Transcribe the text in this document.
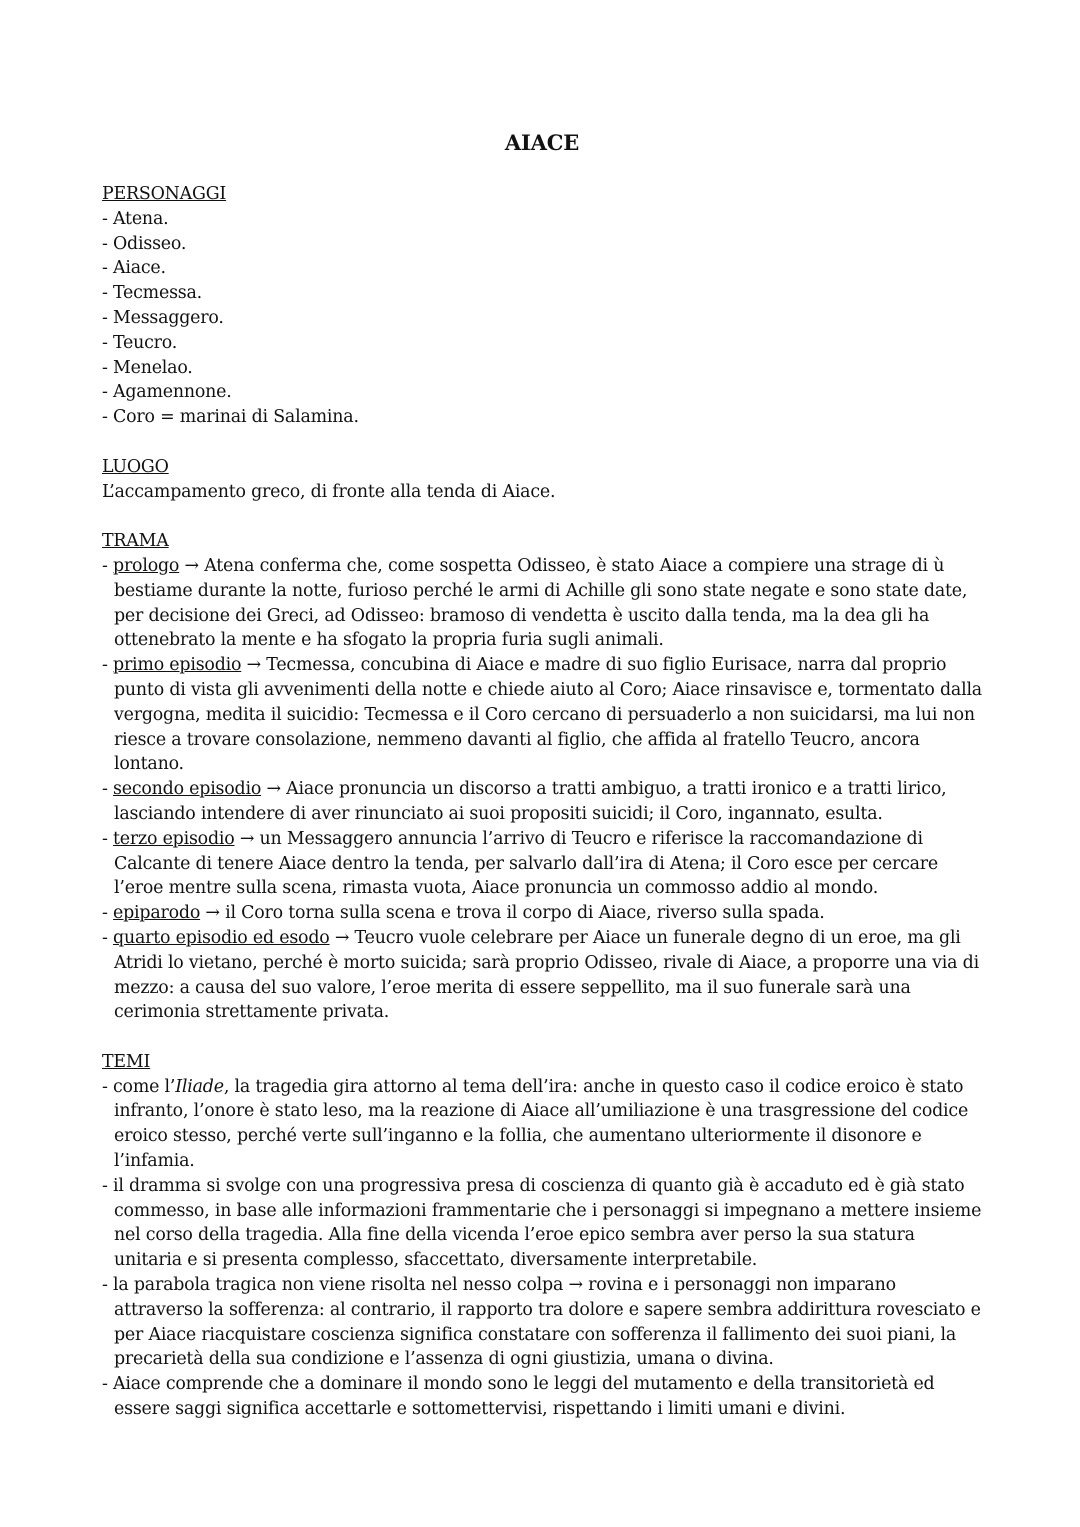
AIACE
PERSONAGGI
- Atena.
- Odisseo.
- Aiace.
- Tecmessa.
- Messaggero.
- Teucro.
- Menelao.
- Agamennone.
- Coro = marinai di Salamina.
LUOGO
L’accampamento greco, di fronte alla tenda di Aiace.
TRAMA
- prologo → Atena conferma che, come sospetta Odisseo, è stato Aiace a compiere una strage di ù bestiame durante la notte, furioso perché le armi di Achille gli sono state negate e sono state date, per decisione dei Greci, ad Odisseo: bramoso di vendetta è uscito dalla tenda, ma la dea gli ha ottenebrato la mente e ha sfogato la propria furia sugli animali.
- primo episodio → Tecmessa, concubina di Aiace e madre di suo figlio Eurisace, narra dal proprio punto di vista gli avvenimenti della notte e chiede aiuto al Coro; Aiace rinsavisce e, tormentato dalla vergogna, medita il suicidio: Tecmessa e il Coro cercano di persuaderlo a non suicidarsi, ma lui non riesce a trovare consolazione, nemmeno davanti al figlio, che affida al fratello Teucro, ancora lontano.
- secondo episodio → Aiace pronuncia un discorso a tratti ambiguo, a tratti ironico e a tratti lirico, lasciando intendere di aver rinunciato ai suoi propositi suicidi; il Coro, ingannato, esulta.
- terzo episodio → un Messaggero annuncia l’arrivo di Teucro e riferisce la raccomandazione di Calcante di tenere Aiace dentro la tenda, per salvarlo dall’ira di Atena; il Coro esce per cercare l’eroe mentre sulla scena, rimasta vuota, Aiace pronuncia un commosso addio al mondo.
- epiparodo → il Coro torna sulla scena e trova il corpo di Aiace, riverso sulla spada.
- quarto episodio ed esodo → Teucro vuole celebrare per Aiace un funerale degno di un eroe, ma gli Atridi lo vietano, perché è morto suicida; sarà proprio Odisseo, rivale di Aiace, a proporre una via di mezzo: a causa del suo valore, l’eroe merita di essere seppellito, ma il suo funerale sarà una cerimonia strettamente privata.
TEMI
- come l’Iliade, la tragedia gira attorno al tema dell’ira: anche in questo caso il codice eroico è stato infranto, l’onore è stato leso, ma la reazione di Aiace all’umiliazione è una trasgressione del codice eroico stesso, perché verte sull’inganno e la follia, che aumentano ulteriormente il disonore e l’infamia.
- il dramma si svolge con una progressiva presa di coscienza di quanto già è accaduto ed è già stato commesso, in base alle informazioni frammentarie che i personaggi si impegnano a mettere insieme nel corso della tragedia. Alla fine della vicenda l’eroe epico sembra aver perso la sua statura unitaria e si presenta complesso, sfaccettato, diversamente interpretabile.
- la parabola tragica non viene risolta nel nesso colpa → rovina e i personaggi non imparano attraverso la sofferenza: al contrario, il rapporto tra dolore e sapere sembra addirittura rovesciato e per Aiace riacquistare coscienza significa constatare con sofferenza il fallimento dei suoi piani, la precarietà della sua condizione e l’assenza di ogni giustizia, umana o divina.
- Aiace comprende che a dominare il mondo sono le leggi del mutamento e della transitorietà ed essere saggi significa accettarle e sottomettervisi, rispettando i limiti umani e divini.
